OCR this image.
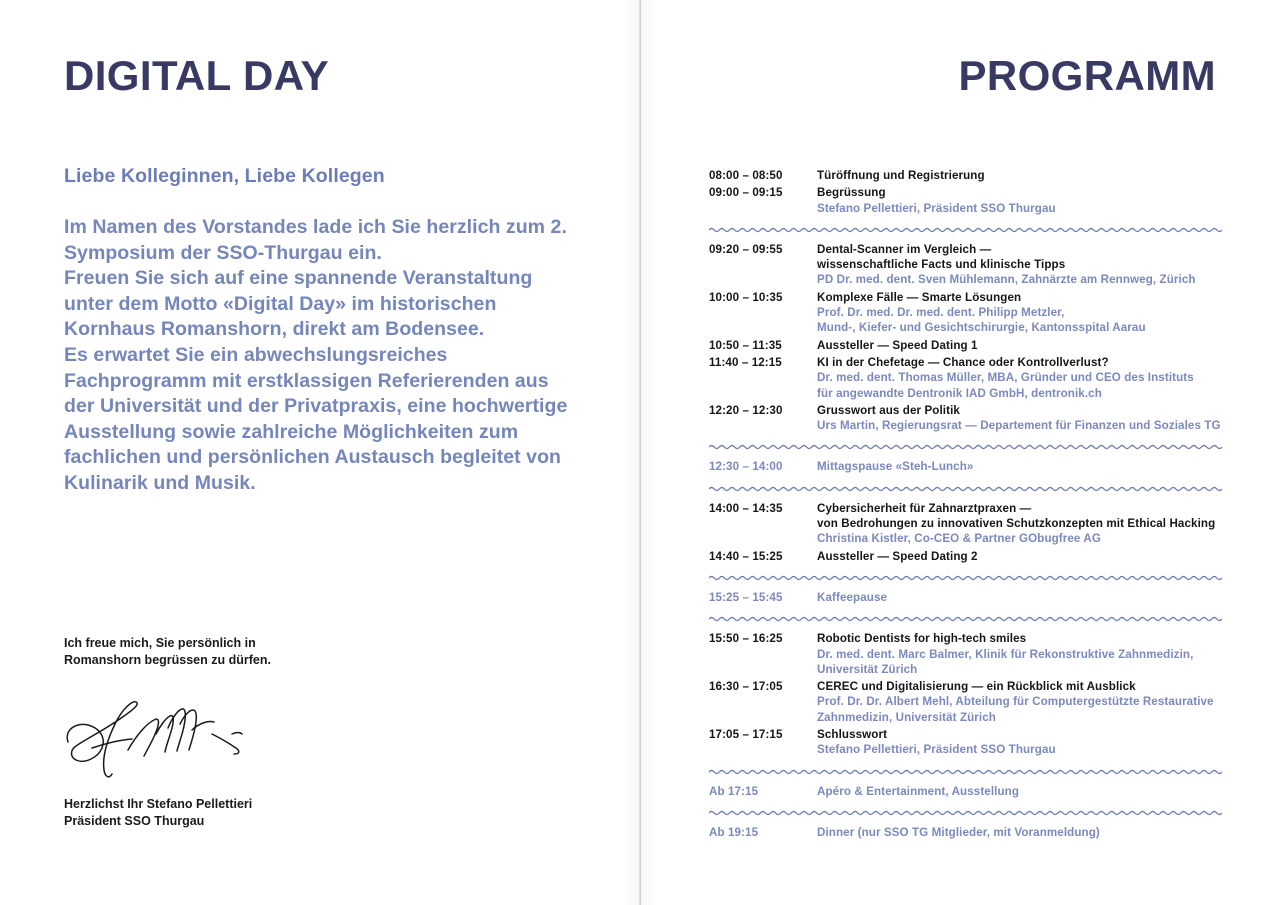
DIGITAL DAY
Liebe Kolleginnen, Liebe Kollegen
Im Namen des Vorstandes lade ich Sie herzlich zum 2. Symposium der SSO-Thurgau ein.
Freuen Sie sich auf eine spannende Veranstaltung unter dem Motto «Digital Day» im historischen Kornhaus Romanshorn, direkt am Bodensee.
Es erwartet Sie ein abwechslungsreiches Fachprogramm mit erstklassigen Referierenden aus der Universität und der Privatpraxis, eine hochwertige Ausstellung sowie zahlreiche Möglichkeiten zum fachlichen und persönlichen Austausch begleitet von Kulinarik und Musik.
Ich freue mich, Sie persönlich in
Romanshorn begrüssen zu dürfen.
Herzlichst Ihr Stefano Pellettieri
Präsident SSO Thurgau
PROGRAMM
08:00 – 08:50	Türöffnung und Registrierung
09:00 – 09:15	Begrüssung
Stefano Pellettieri, Präsident SSO Thurgau
09:20 – 09:55	Dental-Scanner im Vergleich —
wissenschaftliche Facts und klinische Tipps
PD Dr. med. dent. Sven Mühlemann, Zahnärzte am Rennweg, Zürich
10:00 – 10:35	Komplexe Fälle — Smarte Lösungen
Prof. Dr. med. Dr. med. dent. Philipp Metzler,
Mund-, Kiefer- und Gesichtschirurgie, Kantonsspital Aarau
10:50 – 11:35	Aussteller — Speed Dating 1
11:40 – 12:15	KI in der Chefetage — Chance oder Kontrollverlust?
Dr. med. dent. Thomas Müller, MBA, Gründer und CEO des Instituts
für angewandte Dentronik IAD GmbH, dentronik.ch
12:20 – 12:30	Grusswort aus der Politik
Urs Martin, Regierungsrat — Departement für Finanzen und Soziales TG
12:30 – 14:00	Mittagspause «Steh-Lunch»
14:00 – 14:35	Cybersicherheit für Zahnarztpraxen —
von Bedrohungen zu innovativen Schutzkonzepten mit Ethical Hacking
Christina Kistler, Co-CEO & Partner GObugfree AG
14:40 – 15:25	Aussteller — Speed Dating 2
15:25 – 15:45	Kaffeepause
15:50 – 16:25	Robotic Dentists for high-tech smiles
Dr. med. dent. Marc Balmer, Klinik für Rekonstruktive Zahnmedizin,
Universität Zürich
16:30 – 17:05	CEREC und Digitalisierung — ein Rückblick mit Ausblick
Prof. Dr. Dr. Albert Mehl, Abteilung für Computergestützte Restaurative
Zahnmedizin, Universität Zürich
17:05 – 17:15	Schlusswort
Stefano Pellettieri, Präsident SSO Thurgau
Ab 17:15	Apéro & Entertainment, Ausstellung
Ab 19:15	Dinner (nur SSO TG Mitglieder, mit Voranmeldung)
